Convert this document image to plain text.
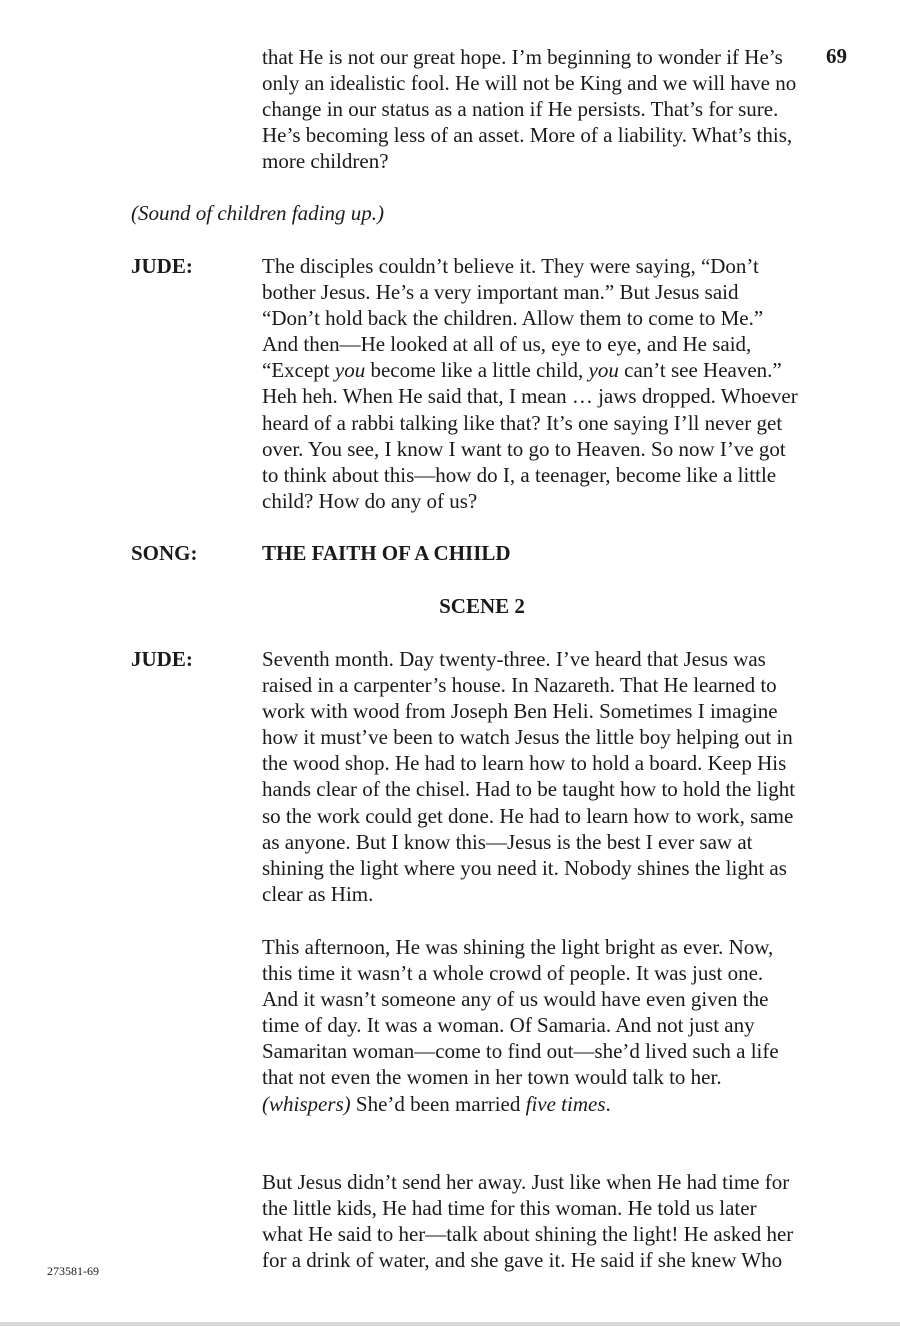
69
that He is not our great hope. I’m beginning to wonder if He’s
only an idealistic fool. He will not be King and we will have no
change in our status as a nation if He persists. That’s for sure.
He’s becoming less of an asset. More of a liability. What’s this,
more children?
(Sound of children fading up.)
JUDE:	The disciples couldn’t believe it. They were saying, “Don’t
bother Jesus. He’s a very important man.” But Jesus said
“Don’t hold back the children. Allow them to come to Me.”
And then—He looked at all of us, eye to eye, and He said,
“Except you become like a little child, you can’t see Heaven.”
Heh heh. When He said that, I mean … jaws dropped. Whoever
heard of a rabbi talking like that? It’s one saying I’ll never get
over. You see, I know I want to go to Heaven. So now I’ve got
to think about this—how do I, a teenager, become like a little
child? How do any of us?
SONG:	THE FAITH OF A CHIILD
SCENE 2
JUDE:	Seventh month. Day twenty-three. I’ve heard that Jesus was
raised in a carpenter’s house. In Nazareth. That He learned to
work with wood from Joseph Ben Heli. Sometimes I imagine
how it must’ve been to watch Jesus the little boy helping out in
the wood shop. He had to learn how to hold a board. Keep His
hands clear of the chisel. Had to be taught how to hold the light
so the work could get done. He had to learn how to work, same
as anyone. But I know this—Jesus is the best I ever saw at
shining the light where you need it. Nobody shines the light as
clear as Him.
This afternoon, He was shining the light bright as ever. Now,
this time it wasn’t a whole crowd of people. It was just one.
And it wasn’t someone any of us would have even given the
time of day. It was a woman. Of Samaria. And not just any
Samaritan woman—come to find out—she’d lived such a life
that not even the women in her town would talk to her.
(whispers) She’d been married five times.
But Jesus didn’t send her away. Just like when He had time for
the little kids, He had time for this woman. He told us later
what He said to her—talk about shining the light! He asked her
for a drink of water, and she gave it. He said if she knew Who
273581-69
